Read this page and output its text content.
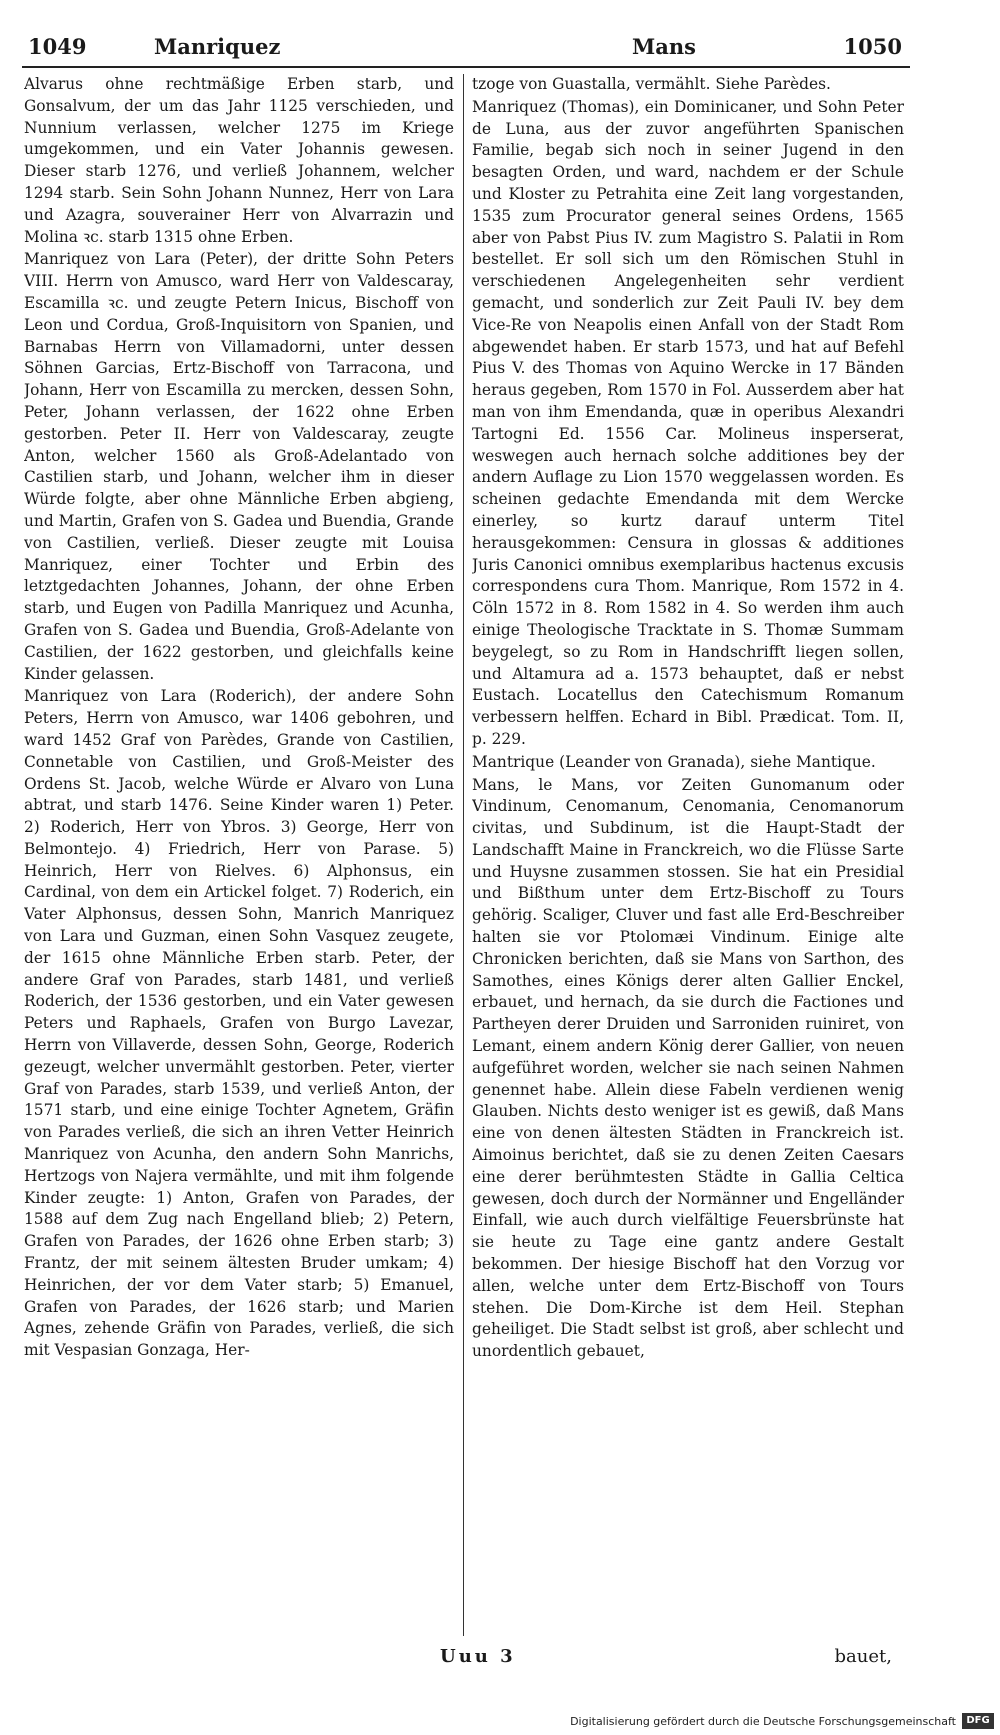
1049	Manriquez	Mans	1050

Alvarus ohne rechtmäßige Erben starb, und Gonsalvum, der um das Jahr 1125 verschieden, und Nunnium verlassen, welcher 1275 im Kriege umgekommen, und ein Vater Johannis gewesen. Dieser starb 1276, und verließ Johannem, welcher 1294 starb. Sein Sohn Johann Nunnez, Herr von Lara und Azagra, souverainer Herr von Alvarrazin und Molina ꝛc. starb 1315 ohne Erben.

Manriquez von Lara (Peter), der dritte Sohn Peters VIII. Herrn von Amusco, ward Herr von Valdescaray, Escamilla ꝛc. und zeugte Petern Inicus, Bischoff von Leon und Cordua, Groß-Inquisitorn von Spanien, und Barnabas Herrn von Villamadorni, unter dessen Söhnen Garcias, Ertz-Bischoff von Tarracona, und Johann, Herr von Escamilla zu mercken, dessen Sohn, Peter, Johann verlassen, der 1622 ohne Erben gestorben. Peter II. Herr von Valdescaray, zeugte Anton, welcher 1560 als Groß-Adelantado von Castilien starb, und Johann, welcher ihm in dieser Würde folgte, aber ohne Männliche Erben abgieng, und Martin, Grafen von S. Gadea und Buendia, Grande von Castilien, verließ. Dieser zeugte mit Louisa Manriquez, einer Tochter und Erbin des letztgedachten Johannes, Johann, der ohne Erben starb, und Eugen von Padilla Manriquez und Acunha, Grafen von S. Gadea und Buendia, Groß-Adelante von Castilien, der 1622 gestorben, und gleichfalls keine Kinder gelassen.

Manriquez von Lara (Roderich), der andere Sohn Peters, Herrn von Amusco, war 1406 gebohren, und ward 1452 Graf von Parèdes, Grande von Castilien, Connetable von Castilien, und Groß-Meister des Ordens St. Jacob, welche Würde er Alvaro von Luna abtrat, und starb 1476. Seine Kinder waren 1) Peter. 2) Roderich, Herr von Ybros. 3) George, Herr von Belmontejo. 4) Friedrich, Herr von Parase. 5) Heinrich, Herr von Rielves. 6) Alphonsus, ein Cardinal, von dem ein Artickel folget. 7) Roderich, ein Vater Alphonsus, dessen Sohn, Manrich Manriquez von Lara und Guzman, einen Sohn Vasquez zeugete, der 1615 ohne Männliche Erben starb. Peter, der andere Graf von Parades, starb 1481, und verließ Roderich, der 1536 gestorben, und ein Vater gewesen Peters und Raphaels, Grafen von Burgo Lavezar, Herrn von Villaverde, dessen Sohn, George, Roderich gezeugt, welcher unvermählt gestorben. Peter, vierter Graf von Parades, starb 1539, und verließ Anton, der 1571 starb, und eine einige Tochter Agnetem, Gräfin von Parades verließ, die sich an ihren Vetter Heinrich Manriquez von Acunha, den andern Sohn Manrichs, Hertzogs von Najera vermählte, und mit ihm folgende Kinder zeugte: 1) Anton, Grafen von Parades, der 1588 auf dem Zug nach Engelland blieb; 2) Petern, Grafen von Parades, der 1626 ohne Erben starb; 3) Frantz, der mit seinem ältesten Bruder umkam; 4) Heinrichen, der vor dem Vater starb; 5) Emanuel, Grafen von Parades, der 1626 starb; und Marien Agnes, zehende Gräfin von Parades, verließ, die sich mit Vespasian Gonzaga, Her-

tzoge von Guastalla, vermählt. Siehe Parèdes.

Manriquez (Thomas), ein Dominicaner, und Sohn Peter de Luna, aus der zuvor angeführten Spanischen Familie, begab sich noch in seiner Jugend in den besagten Orden, und ward, nachdem er der Schule und Kloster zu Petrahita eine Zeit lang vorgestanden, 1535 zum Procurator general seines Ordens, 1565 aber von Pabst Pius IV. zum Magistro S. Palatii in Rom bestellet. Er soll sich um den Römischen Stuhl in verschiedenen Angelegenheiten sehr verdient gemacht, und sonderlich zur Zeit Pauli IV. bey dem Vice-Re von Neapolis einen Anfall von der Stadt Rom abgewendet haben. Er starb 1573, und hat auf Befehl Pius V. des Thomas von Aquino Wercke in 17 Bänden heraus gegeben, Rom 1570 in Fol. Ausserdem aber hat man von ihm Emendanda, quæ in operibus Alexandri Tartogni Ed. 1556 Car. Molineus insperserat, weswegen auch hernach solche additiones bey der andern Auflage zu Lion 1570 weggelassen worden. Es scheinen gedachte Emendanda mit dem Wercke einerley, so kurtz darauf unterm Titel herausgekommen: Censura in glossas & additiones Juris Canonici omnibus exemplaribus hactenus excusis correspondens cura Thom. Manrique, Rom 1572 in 4. Cöln 1572 in 8. Rom 1582 in 4. So werden ihm auch einige Theologische Tracktate in S. Thomæ Summam beygelegt, so zu Rom in Handschrifft liegen sollen, und Altamura ad a. 1573 behauptet, daß er nebst Eustach. Locatellus den Catechismum Romanum verbessern helffen. Echard in Bibl. Prædicat. Tom. II, p. 229.

Mantrique (Leander von Granada), siehe Mantique.

Mans, le Mans, vor Zeiten Gunomanum oder Vindinum, Cenomanum, Cenomania, Cenomanorum civitas, und Subdinum, ist die Haupt-Stadt der Landschafft Maine in Franckreich, wo die Flüsse Sarte und Huysne zusammen stossen. Sie hat ein Presidial und Bißthum unter dem Ertz-Bischoff zu Tours gehörig. Scaliger, Cluver und fast alle Erd-Beschreiber halten sie vor Ptolomæi Vindinum. Einige alte Chronicken berichten, daß sie Mans von Sarthon, des Samothes, eines Königs derer alten Gallier Enckel, erbauet, und hernach, da sie durch die Factiones und Partheyen derer Druiden und Sarroniden ruiniret, von Lemant, einem andern König derer Gallier, von neuen aufgeführet worden, welcher sie nach seinen Nahmen genennet habe. Allein diese Fabeln verdienen wenig Glauben. Nichts desto weniger ist es gewiß, daß Mans eine von denen ältesten Städten in Franckreich ist. Aimoinus berichtet, daß sie zu denen Zeiten Caesars eine derer berühmtesten Städte in Gallia Celtica gewesen, doch durch der Normänner und Engelländer Einfall, wie auch durch vielfältige Feuersbrünste hat sie heute zu Tage eine gantz andere Gestalt bekommen. Der hiesige Bischoff hat den Vorzug vor allen, welche unter dem Ertz-Bischoff von Tours stehen. Die Dom-Kirche ist dem Heil. Stephan geheiliget. Die Stadt selbst ist groß, aber schlecht und unordentlich gebauet,

Uuu 3	bauet,
Digitalisierung gefördert durch die Deutsche Forschungsgemeinschaft	DFG
